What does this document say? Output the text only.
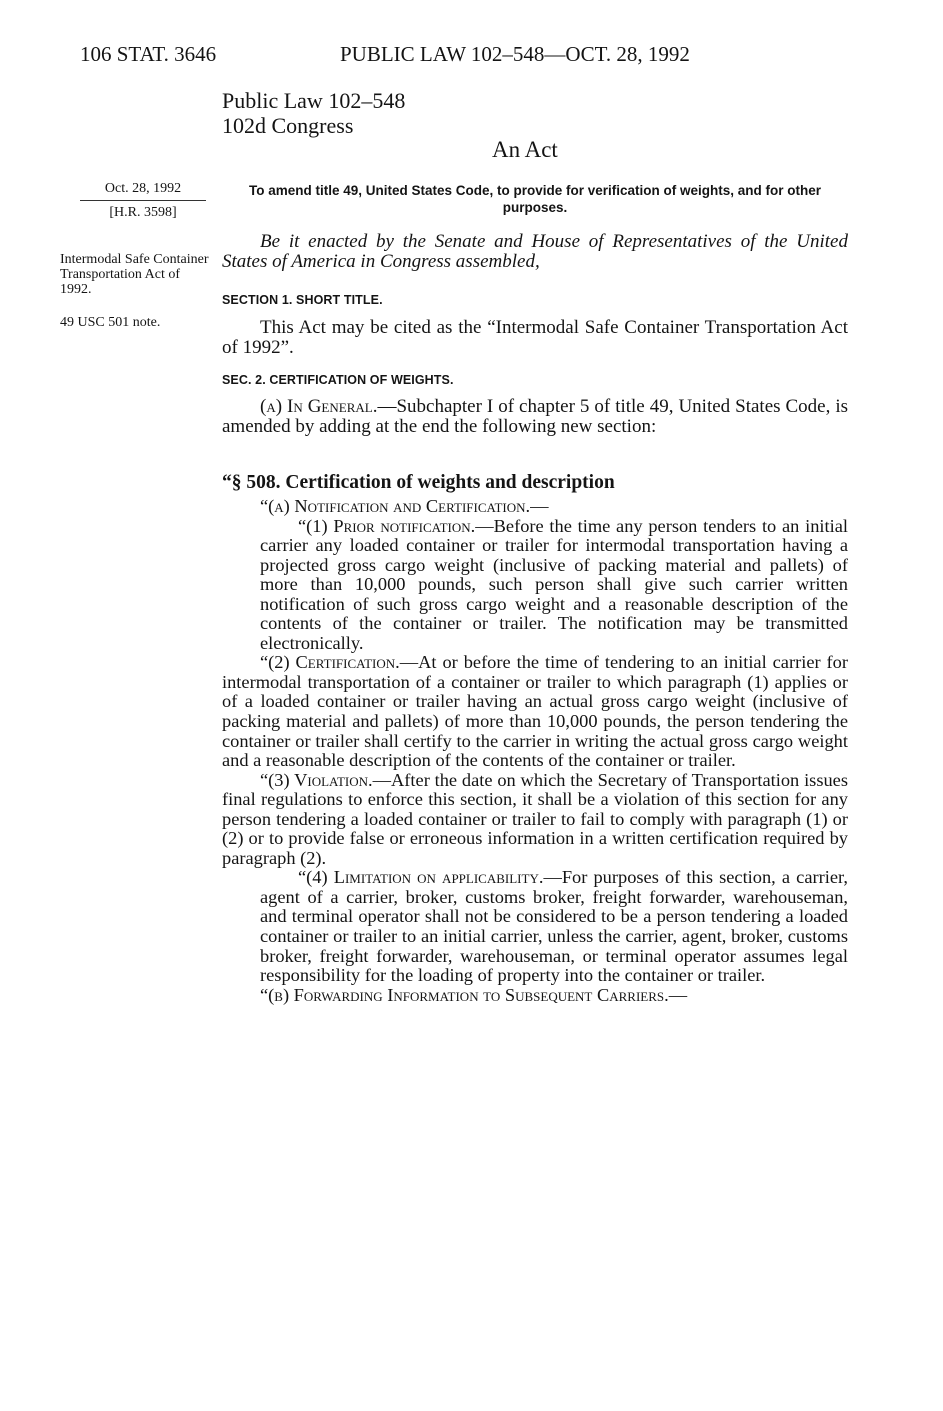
106 STAT. 3646	PUBLIC LAW 102–548—OCT. 28, 1992
Public Law 102–548
102d Congress
An Act
Oct. 28, 1992
[H.R. 3598]
Intermodal Safe Container Transportation Act of 1992.
49 USC 501 note.
To amend title 49, United States Code, to provide for verification of weights, and for other purposes.
Be it enacted by the Senate and House of Representatives of the United States of America in Congress assembled,
SECTION 1. SHORT TITLE.
This Act may be cited as the “Intermodal Safe Container Transportation Act of 1992”.
SEC. 2. CERTIFICATION OF WEIGHTS.
(a) In General.—Subchapter I of chapter 5 of title 49, United States Code, is amended by adding at the end the following new section:
“§ 508. Certification of weights and description

“(a) Notification and Certification.—

“(1) Prior notification.—Before the time any person tenders to an initial carrier any loaded container or trailer for intermodal transportation having a projected gross cargo weight (inclusive of packing material and pallets) of more than 10,000 pounds, such person shall give such carrier written notification of such gross cargo weight and a reasonable description of the contents of the container or trailer. The notification may be transmitted electronically.

“(2) Certification.—At or before the time of tendering to an initial carrier for intermodal transportation of a container or trailer to which paragraph (1) applies or of a loaded container or trailer having an actual gross cargo weight (inclusive of packing material and pallets) of more than 10,000 pounds, the person tendering the container or trailer shall certify to the carrier in writing the actual gross cargo weight and a reasonable description of the contents of the container or trailer.

“(3) Violation.—After the date on which the Secretary of Transportation issues final regulations to enforce this section, it shall be a violation of this section for any person tendering a loaded container or trailer to fail to comply with paragraph (1) or (2) or to provide false or erroneous information in a written certification required by paragraph (2).

“(4) Limitation on applicability.—For purposes of this section, a carrier, agent of a carrier, broker, customs broker, freight forwarder, warehouseman, and terminal operator shall not be considered to be a person tendering a loaded container or trailer to an initial carrier, unless the carrier, agent, broker, customs broker, freight forwarder, warehouseman, or terminal operator assumes legal responsibility for the loading of property into the container or trailer.

“(b) Forwarding Information to Subsequent Carriers.—
